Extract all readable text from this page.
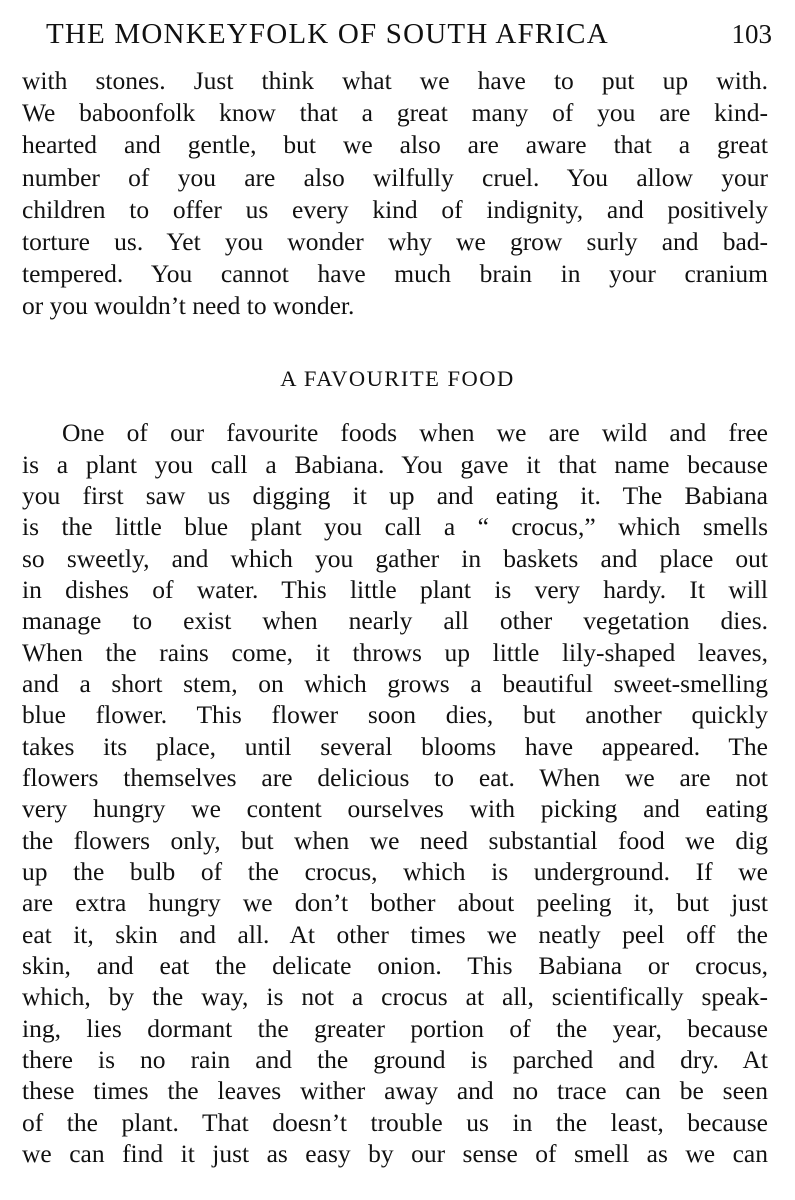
THE MONKEYFOLK OF SOUTH AFRICA	103
with stones. Just think what we have to put up with.
We baboonfolk know that a great many of you are kind-
hearted and gentle, but we also are aware that a great
number of you are also wilfully cruel. You allow your
children to offer us every kind of indignity, and positively
torture us. Yet you wonder why we grow surly and bad-
tempered. You cannot have much brain in your cranium
or you wouldn’t need to wonder.
A FAVOURITE FOOD
One of our favourite foods when we are wild and free
is a plant you call a Babiana. You gave it that name because
you first saw us digging it up and eating it. The Babiana
is the little blue plant you call a “ crocus,” which smells
so sweetly, and which you gather in baskets and place out
in dishes of water. This little plant is very hardy. It will
manage to exist when nearly all other vegetation dies.
When the rains come, it throws up little lily-shaped leaves,
and a short stem, on which grows a beautiful sweet-smelling
blue flower. This flower soon dies, but another quickly
takes its place, until several blooms have appeared. The
flowers themselves are delicious to eat. When we are not
very hungry we content ourselves with picking and eating
the flowers only, but when we need substantial food we dig
up the bulb of the crocus, which is underground. If we
are extra hungry we don’t bother about peeling it, but just
eat it, skin and all. At other times we neatly peel off the
skin, and eat the delicate onion. This Babiana or crocus,
which, by the way, is not a crocus at all, scientifically speak-
ing, lies dormant the greater portion of the year, because
there is no rain and the ground is parched and dry. At
these times the leaves wither away and no trace can be seen
of the plant. That doesn’t trouble us in the least, because
we can find it just as easy by our sense of smell as we can
